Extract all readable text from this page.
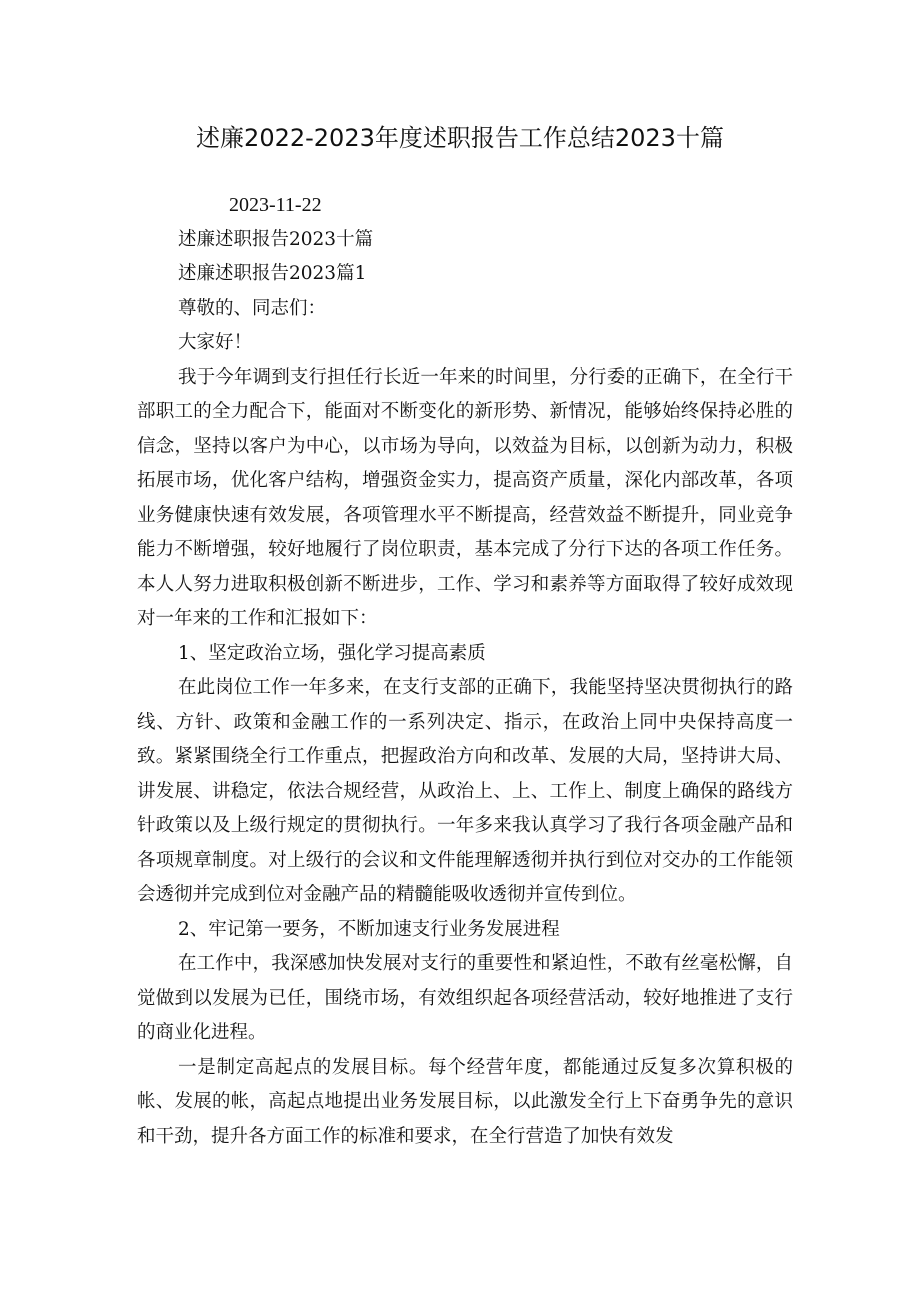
述廉2022-2023年度述职报告工作总结2023十篇

2023-11-22

述廉述职报告2023十篇

述廉述职报告2023篇1

尊敬的、同志们：

大家好！

我于今年调到支行担任行长近一年来的时间里，分行委的正确下，在全行干部职工的全力配合下，能面对不断变化的新形势、新情况，能够始终保持必胜的信念，坚持以客户为中心，以市场为导向，以效益为目标，以创新为动力，积极拓展市场，优化客户结构，增强资金实力，提高资产质量，深化内部改革，各项业务健康快速有效发展，各项管理水平不断提高，经营效益不断提升，同业竞争能力不断增强，较好地履行了岗位职责，基本完成了分行下达的各项工作任务。本人人努力进取积极创新不断进步，工作、学习和素养等方面取得了较好成效现对一年来的工作和汇报如下：

1、坚定政治立场，强化学习提高素质

在此岗位工作一年多来，在支行支部的正确下，我能坚持坚决贯彻执行的路线、方针、政策和金融工作的一系列决定、指示，在政治上同中央保持高度一致。紧紧围绕全行工作重点，把握政治方向和改革、发展的大局，坚持讲大局、讲发展、讲稳定，依法合规经营，从政治上、上、工作上、制度上确保的路线方针政策以及上级行规定的贯彻执行。一年多来我认真学习了我行各项金融产品和各项规章制度。对上级行的会议和文件能理解透彻并执行到位对交办的工作能领会透彻并完成到位对金融产品的精髓能吸收透彻并宣传到位。

2、牢记第一要务，不断加速支行业务发展进程

在工作中，我深感加快发展对支行的重要性和紧迫性，不敢有丝毫松懈，自觉做到以发展为已任，围绕市场，有效组织起各项经营活动，较好地推进了支行的商业化进程。

一是制定高起点的发展目标。每个经营年度，都能通过反复多次算积极的帐、发展的帐，高起点地提出业务发展目标，以此激发全行上下奋勇争先的意识和干劲，提升各方面工作的标准和要求，在全行营造了加快有效发
